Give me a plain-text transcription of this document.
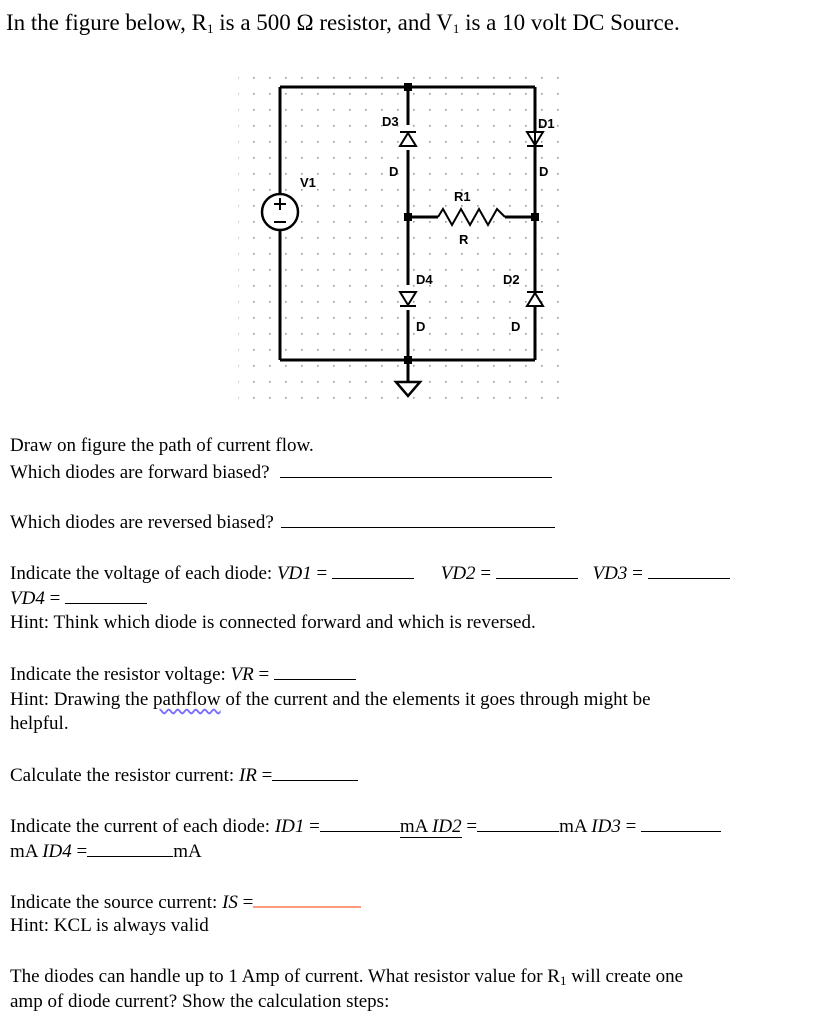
In the figure below, $R_1$ is a 500 Ω resistor, and $V_1$ is a 10 volt DC Source.
D3
D
D1
D
V1
R1
R
D4
D
D2
D
Draw on figure the path of current flow.
Which diodes are forward biased?
Which diodes are reversed biased?
Indicate the voltage of each diode: VD1 =	VD2 =	VD3 =
VD4 =
Hint: Think which diode is connected forward and which is reversed.
Indicate the resistor voltage: VR =
Hint: Drawing the pathflow of the current and the elements it goes through might be
helpful.
Calculate the resistor current: IR =
Indicate the current of each diode: ID1 =	mA ID2 =	mA ID3 =
mA ID4 =	mA
Indicate the source current: IS =
Hint: KCL is always valid
The diodes can handle up to 1 Amp of current. What resistor value for $R_1$ will create one
amp of diode current? Show the calculation steps:
